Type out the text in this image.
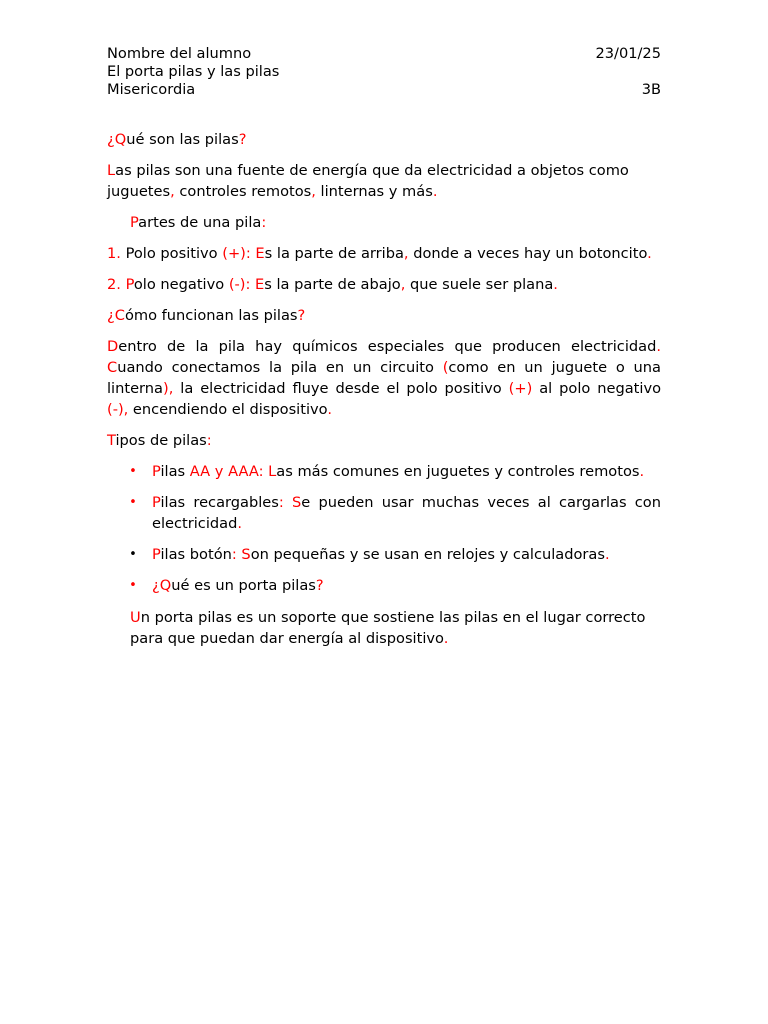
Nombre del alumno	23/01/25
El porta pilas y las pilas
Misericordia	3B

¿Qué son las pilas?

Las pilas son una fuente de energía que da electricidad a objetos como juguetes, controles remotos, linternas y más.

Partes de una pila:

1. Polo positivo (+): Es la parte de arriba, donde a veces hay un botoncito.

2. Polo negativo (-): Es la parte de abajo, que suele ser plana.

¿Cómo funcionan las pilas?

Dentro de la pila hay químicos especiales que producen electricidad. Cuando conectamos la pila en un circuito (como en un juguete o una linterna), la electricidad fluye desde el polo positivo (+) al polo negativo (-), encendiendo el dispositivo.

Tipos de pilas:

• Pilas AA y AAA: Las más comunes en juguetes y controles remotos.
• Pilas recargables: Se pueden usar muchas veces al cargarlas con electricidad.
• Pilas botón: Son pequeñas y se usan en relojes y calculadoras.
• ¿Qué es un porta pilas?

Un porta pilas es un soporte que sostiene las pilas en el lugar correcto para que puedan dar energía al dispositivo.
